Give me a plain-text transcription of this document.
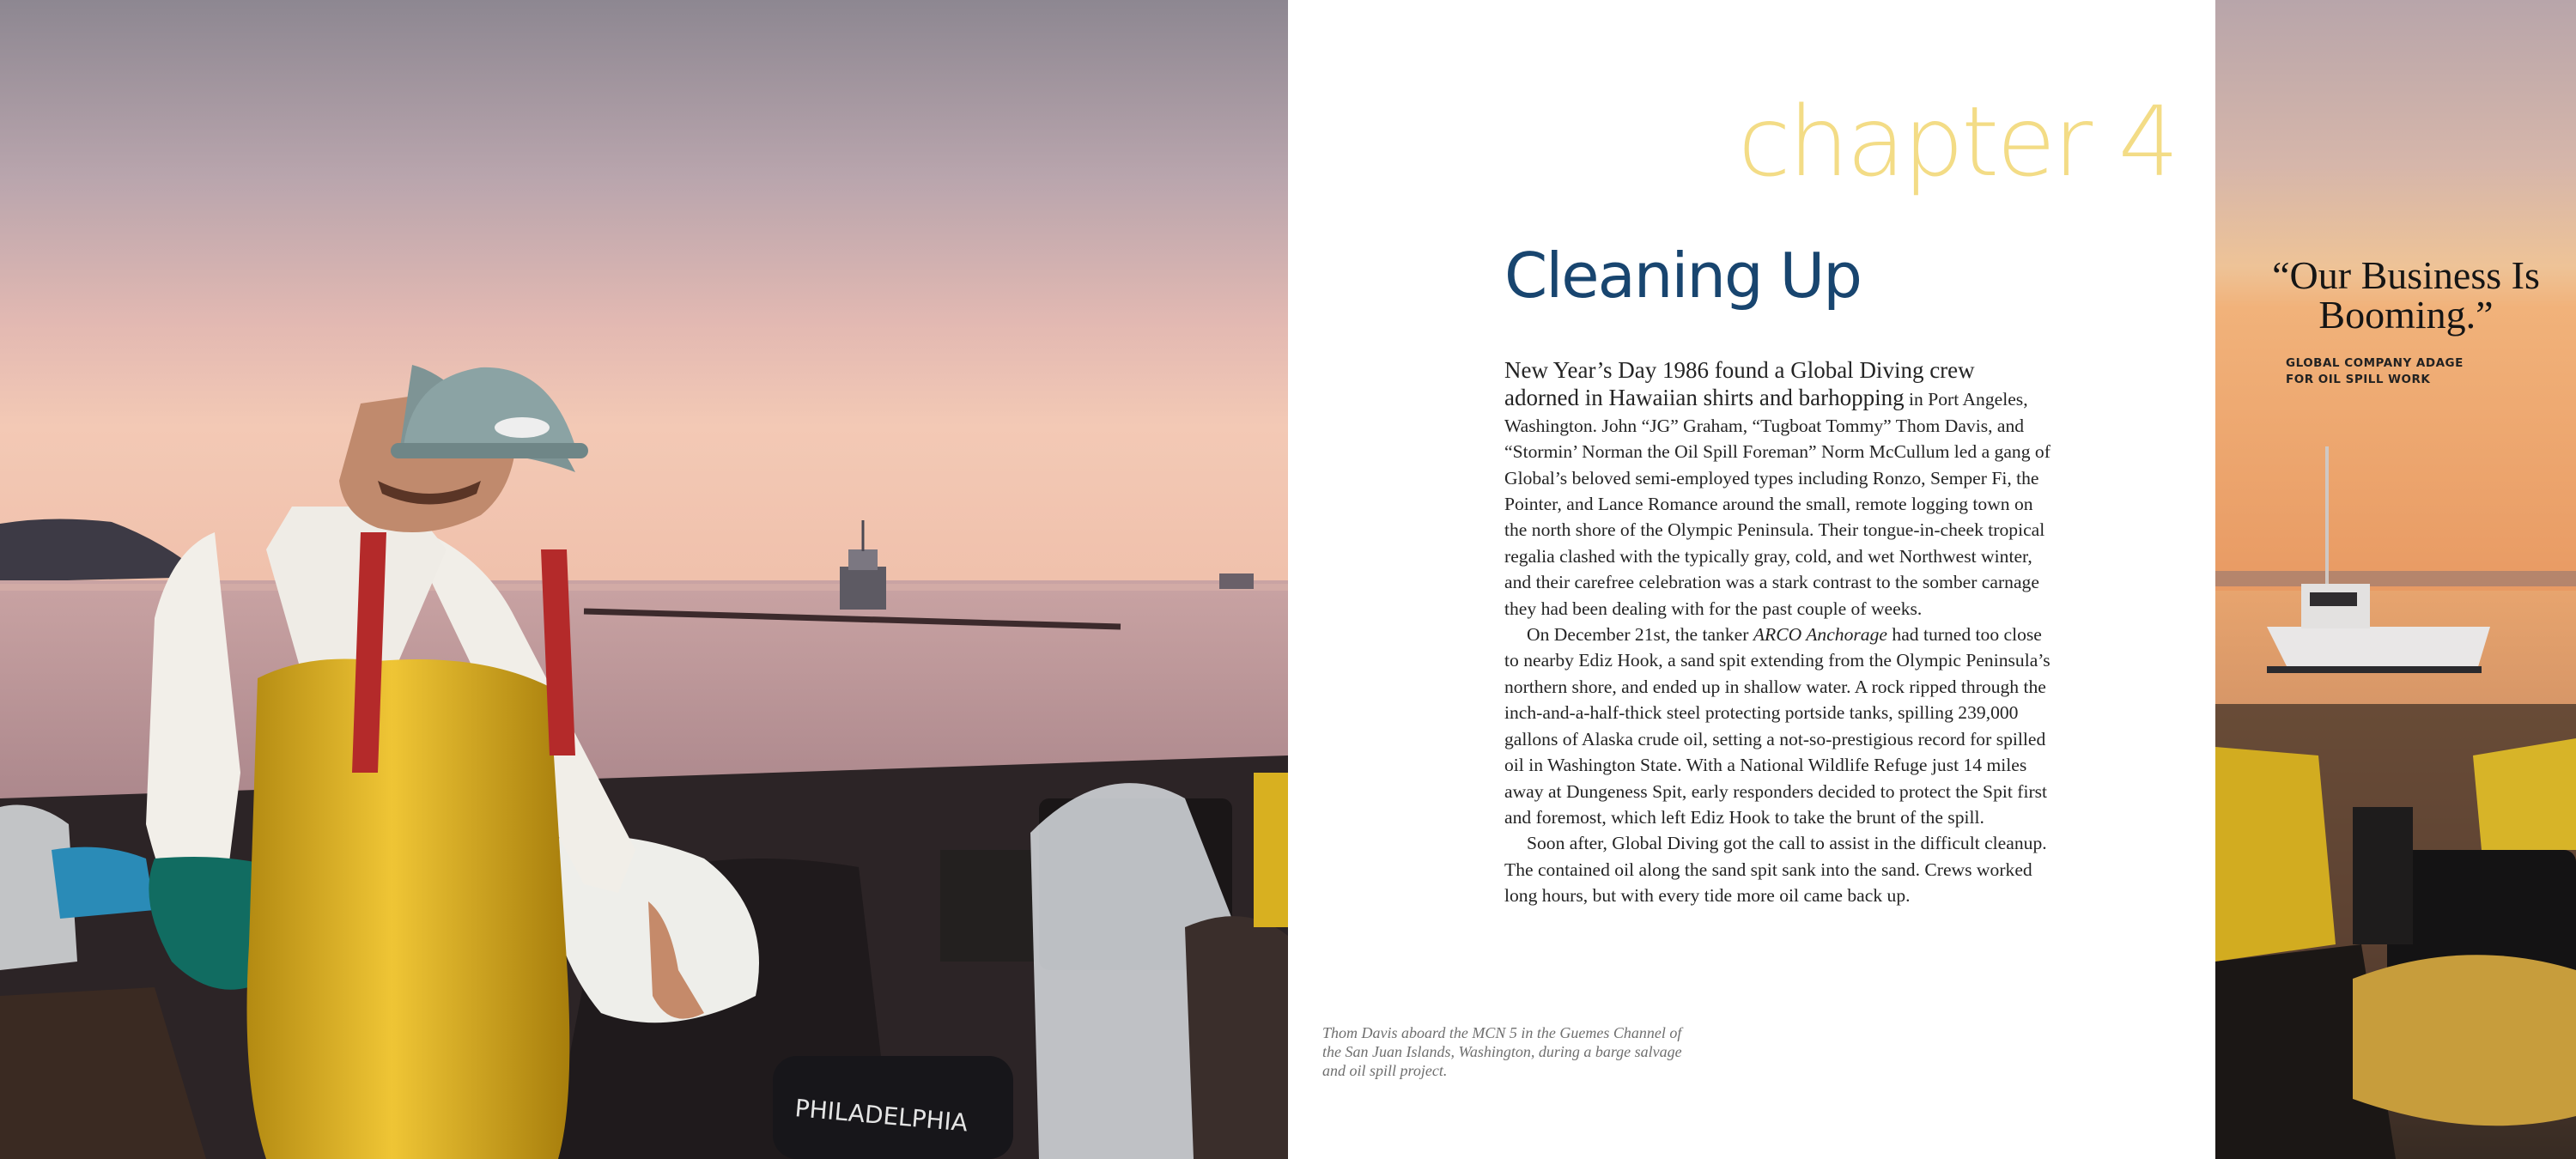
PHILADELPHIA
chapter 4
Cleaning Up

New Year’s Day 1986 found a Global Diving crew adorned in Hawaiian shirts and barhopping in Port Angeles, Washington. John “JG” Graham, “Tugboat Tommy” Thom Davis, and “Stormin’ Norman the Oil Spill Foreman” Norm McCullum led a gang of Global’s beloved semi-employed types including Ronzo, Semper Fi, the Pointer, and Lance Romance around the small, remote logging town on the north shore of the Olympic Peninsula. Their tongue-in-cheek tropical regalia clashed with the typically gray, cold, and wet Northwest winter, and their carefree celebration was a stark contrast to the somber carnage they had been dealing with for the past couple of weeks.

On December 21st, the tanker ARCO Anchorage had turned too close to nearby Ediz Hook, a sand spit extending from the Olympic Peninsula’s northern shore, and ended up in shallow water. A rock ripped through the inch-and-a-half-thick steel protecting portside tanks, spilling 239,000 gallons of Alaska crude oil, setting a not-so-prestigious record for spilled oil in Washington State. With a National Wildlife Refuge just 14 miles away at Dungeness Spit, early responders decided to protect the Spit first and foremost, which left Ediz Hook to take the brunt of the spill.

Soon after, Global Diving got the call to assist in the difficult cleanup. The contained oil along the sand spit sank into the sand. Crews worked long hours, but with every tide more oil came back up.

Thom Davis aboard the MCN 5 in the Guemes Channel of the San Juan Islands, Washington, during a barge salvage and oil spill project.

“Our Business Is Booming.”

GLOBAL COMPANY ADAGE
FOR OIL SPILL WORK
